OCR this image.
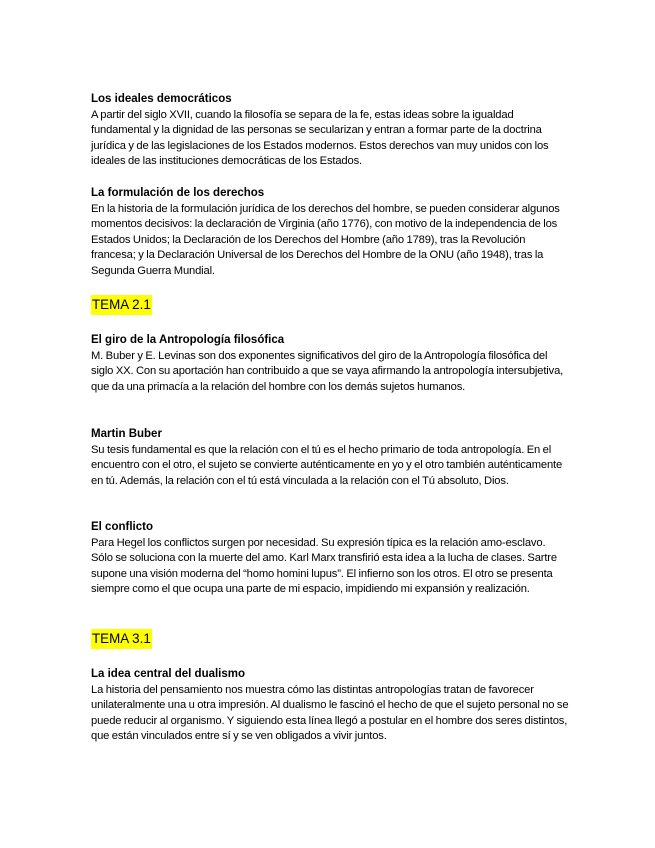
Los ideales democráticos

A partir del siglo XVII, cuando la filosofía se separa de la fe, estas ideas sobre la igualdad fundamental y la dignidad de las personas se secularizan y entran a formar parte de la doctrina jurídica y de las legislaciones de los Estados modernos. Estos derechos van muy unidos con los ideales de las instituciones democráticas de los Estados.

La formulación de los derechos

En la historia de la formulación jurídica de los derechos del hombre, se pueden considerar algunos momentos decisivos: la declaración de Virginia (año 1776), con motivo de la independencia de los Estados Unidos; la Declaración de los Derechos del Hombre (año 1789), tras la Revolución francesa; y la Declaración Universal de los Derechos del Hombre de la ONU (año 1948), tras la Segunda Guerra Mundial.

TEMA 2.1
El giro de la Antropología filosófica

M. Buber y E. Levinas son dos exponentes significativos del giro de la Antropología filosófica del siglo XX. Con su aportación han contribuido a que se vaya afirmando la antropología intersubjetiva, que da una primacía a la relación del hombre con los demás sujetos humanos.

Martin Buber

Su tesis fundamental es que la relación con el tú es el hecho primario de toda antropología. En el encuentro con el otro, el sujeto se convierte auténticamente en yo y el otro también auténticamente en tú. Además, la relación con el tú está vinculada a la relación con el Tú absoluto, Dios.

El conflicto

Para Hegel los conflictos surgen por necesidad. Su expresión típica es la relación amo-esclavo. Sólo se soluciona con la muerte del amo. Karl Marx transfirió esta idea a la lucha de clases. Sartre supone una visión moderna del “homo homini lupus”. El infierno son los otros. El otro se presenta siempre como el que ocupa una parte de mi espacio, impidiendo mi expansión y realización.

TEMA 3.1
La idea central del dualismo

La historia del pensamiento nos muestra cómo las distintas antropologías tratan de favorecer unilateralmente una u otra impresión. Al dualismo le fascinó el hecho de que el sujeto personal no se puede reducir al organismo. Y siguiendo esta línea llegó a postular en el hombre dos seres distintos, que están vinculados entre sí y se ven obligados a vivir juntos.
